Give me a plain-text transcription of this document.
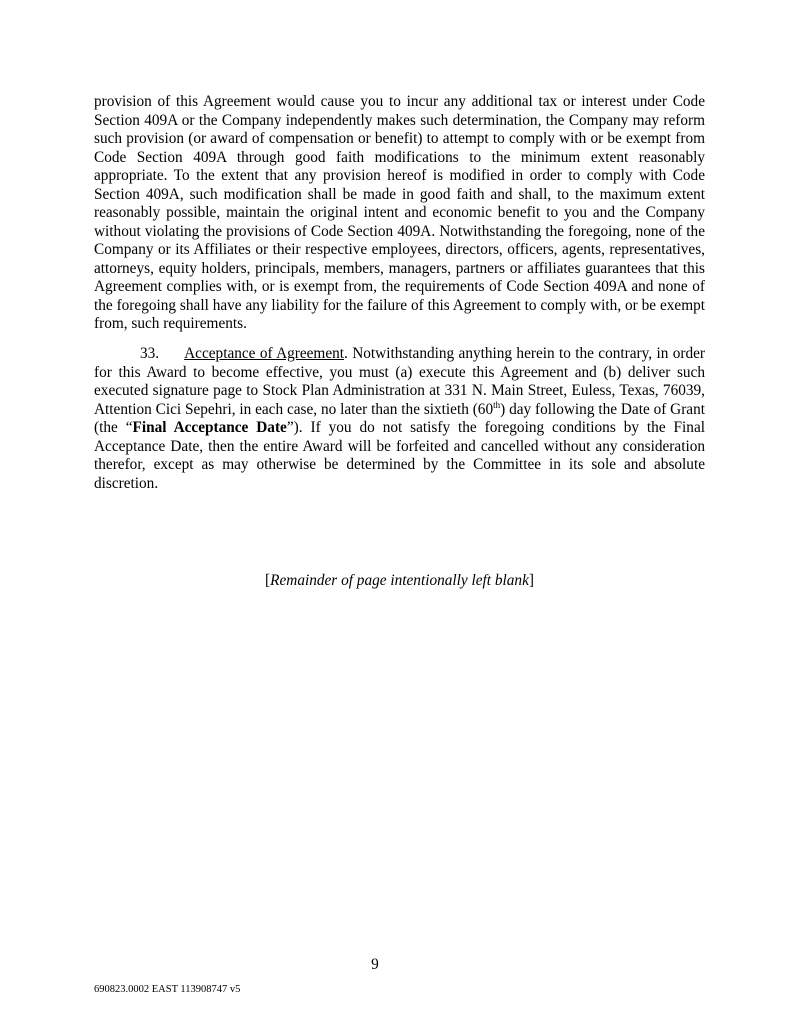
provision of this Agreement would cause you to incur any additional tax or interest under Code Section 409A or the Company independently makes such determination, the Company may reform such provision (or award of compensation or benefit) to attempt to comply with or be exempt from Code Section 409A through good faith modifications to the minimum extent reasonably appropriate. To the extent that any provision hereof is modified in order to comply with Code Section 409A, such modification shall be made in good faith and shall, to the maximum extent reasonably possible, maintain the original intent and economic benefit to you and the Company without violating the provisions of Code Section 409A. Notwithstanding the foregoing, none of the Company or its Affiliates or their respective employees, directors, officers, agents, representatives, attorneys, equity holders, principals, members, managers, partners or affiliates guarantees that this Agreement complies with, or is exempt from, the requirements of Code Section 409A and none of the foregoing shall have any liability for the failure of this Agreement to comply with, or be exempt from, such requirements.

33. Acceptance of Agreement. Notwithstanding anything herein to the contrary, in order for this Award to become effective, you must (a) execute this Agreement and (b) deliver such executed signature page to Stock Plan Administration at 331 N. Main Street, Euless, Texas, 76039, Attention Cici Sepehri, in each case, no later than the sixtieth (60th) day following the Date of Grant (the “Final Acceptance Date”). If you do not satisfy the foregoing conditions by the Final Acceptance Date, then the entire Award will be forfeited and cancelled without any consideration therefor, except as may otherwise be determined by the Committee in its sole and absolute discretion.

[Remainder of page intentionally left blank]
9
690823.0002 EAST 113908747 v5
